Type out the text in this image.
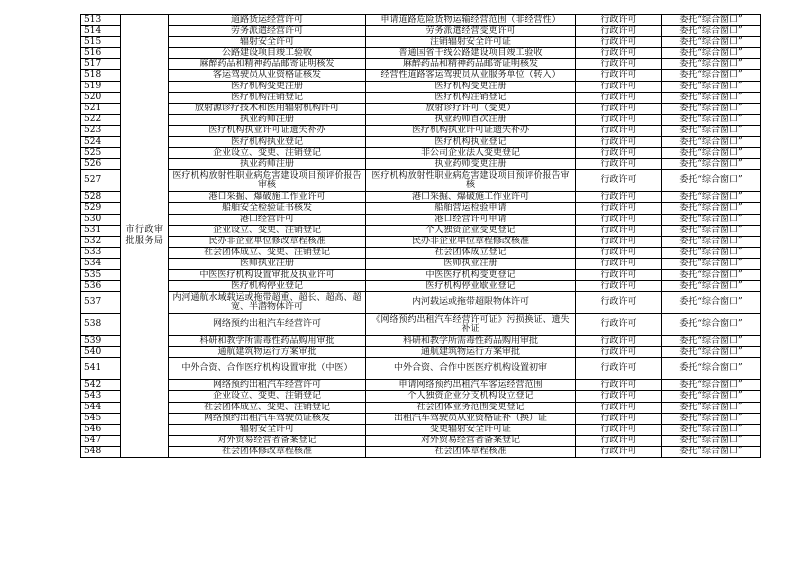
513	市行政审批服务局	道路货运经营许可	申请道路危险货物运输经营范围（非经营性）	行政许可	委托“综合窗口”
514		劳务派遣经营许可	劳务派遣经营变更许可	行政许可	委托“综合窗口”
515		辐射安全许可	注销辐射安全许可证	行政许可	委托“综合窗口”
516		公路建设项目竣工验收	普通国省干线公路建设项目竣工验收	行政许可	委托“综合窗口”
517		麻醉药品和精神药品邮寄证明核发	麻醉药品和精神药品邮寄证明核发	行政许可	委托“综合窗口”
518		客运驾驶员从业资格证核发	经营性道路客运驾驶员从业服务单位（转入）	行政许可	委托“综合窗口”
519		医疗机构变更注册	医疗机构变更注册	行政许可	委托“综合窗口”
520		医疗机构注销登记	医疗机构注销登记	行政许可	委托“综合窗口”
521		放射源诊疗技术和医用辐射机构许可	放射诊疗许可（变更）	行政许可	委托“综合窗口”
522		执业药师注册	执业药师首次注册	行政许可	委托“综合窗口”
523		医疗机构执业许可证遗失补办	医疗机构执业许可证遗失补办	行政许可	委托“综合窗口”
524		医疗机构执业登记	医疗机构执业登记	行政许可	委托“综合窗口”
525		企业设立、变更、注销登记	非公司企业法人变更登记	行政许可	委托“综合窗口”
526		执业药师注册	执业药师变更注册	行政许可	委托“综合窗口”
527		医疗机构放射性职业病危害建设项目预评价报告审核	医疗机构放射性职业病危害建设项目预评价报告审核	行政许可	委托“综合窗口”
528		港口采掘、爆破施工作业许可	港口采掘、爆破施工作业许可	行政许可	委托“综合窗口”
529		船舶安全检验证书核发	船舶营运检验申请	行政许可	委托“综合窗口”
530		港口经营许可	港口经营许可申请	行政许可	委托“综合窗口”
531		企业设立、变更、注销登记	个人独资企业变更登记	行政许可	委托“综合窗口”
532		民办非企业单位修改章程核准	民办非企业单位章程修改核准	行政许可	委托“综合窗口”
533		社会团体成立、变更、注销登记	社会团体成立登记	行政许可	委托“综合窗口”
534		医师执业注册	医师执业注册	行政许可	委托“综合窗口”
535		中医医疗机构设置审批及执业许可	中医医疗机构变更登记	行政许可	委托“综合窗口”
536		医疗机构停业登记	医疗机构停业歇业登记	行政许可	委托“综合窗口”
537		内河通航水域载运或拖带超重、超长、超高、超宽、半潜物体许可	内河载运或拖带超限物体许可	行政许可	委托“综合窗口”
538		网络预约出租汽车经营许可	《网络预约出租汽车经营许可证》污损换证、遗失补证	行政许可	委托“综合窗口”
539		科研和教学所需毒性药品购用审批	科研和教学所需毒性药品购用审批	行政许可	委托“综合窗口”
540		通航建筑物运行方案审批	通航建筑物运行方案审批	行政许可	委托“综合窗口”
541		中外合资、合作医疗机构设置审批（中医）	中外合资、合作中医医疗机构设置初审	行政许可	委托“综合窗口”
542		网络预约出租汽车经营许可	申请网络预约出租汽车客运经营范围	行政许可	委托“综合窗口”
543		企业设立、变更、注销登记	个人独资企业分支机构设立登记	行政许可	委托“综合窗口”
544		社会团体成立、变更、注销登记	社会团体业务范围变更登记	行政许可	委托“综合窗口”
545		网络预约出租汽车驾驶员证核发	出租汽车驾驶员从业资格证补（换）证	行政许可	委托“综合窗口”
546		辐射安全许可	变更辐射安全许可证	行政许可	委托“综合窗口”
547		对外贸易经营者备案登记	对外贸易经营者备案登记	行政许可	委托“综合窗口”
548		社会团体修改章程核准	社会团体章程核准	行政许可	委托“综合窗口”
